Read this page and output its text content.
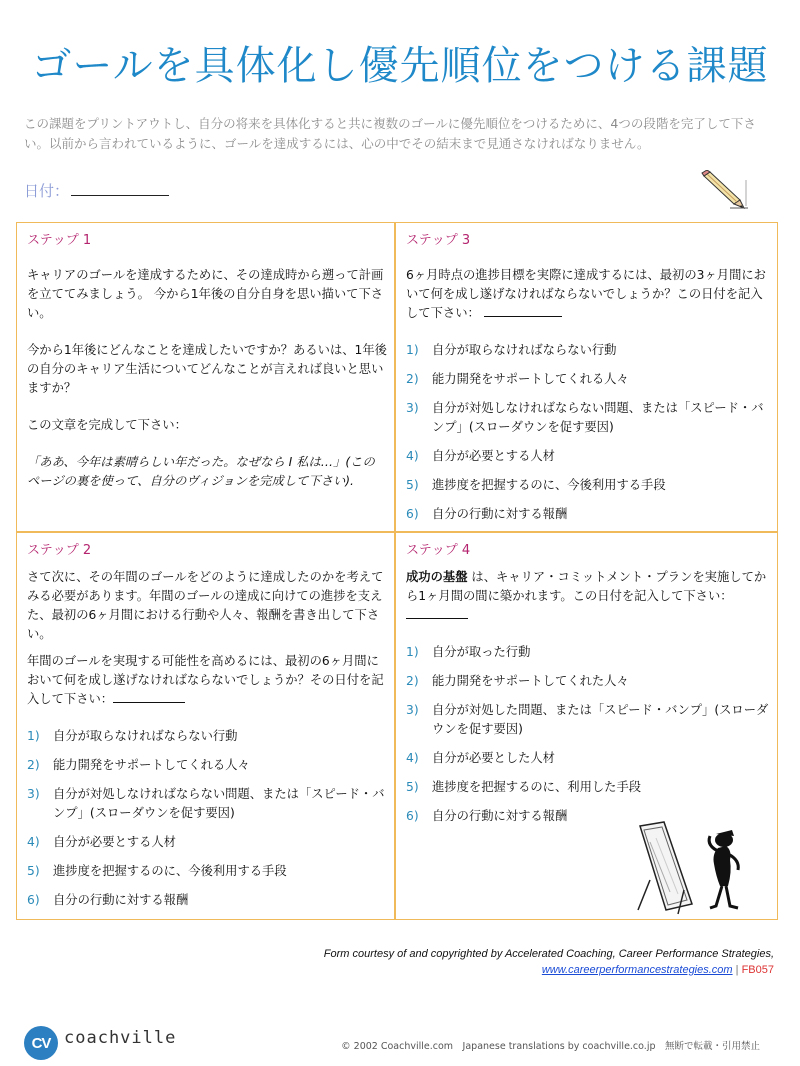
ゴールを具体化し優先順位をつける課題

この課題をプリントアウトし、自分の将来を具体化すると共に複数のゴールに優先順位をつけるために、4つの段階を完了して下さい。以前から言われているように、ゴールを達成するには、心の中でその結末まで見通さなければなりません。

日付：
ステップ 1

キャリアのゴールを達成するために、その達成時から遡って計画を立ててみましょう。 今から1年後の自分自身を思い描いて下さい。

今から1年後にどんなことを達成したいですか？あるいは、1年後の自分のキャリア生活についてどんなことが言えれば良いと思いますか？

この文章を完成して下さい：

「ああ、今年は素晴らしい年だった。なぜなら I 私は…」(このページの裏を使って、自分のヴィジョンを完成して下さい).

ステップ 3

6ヶ月時点の進捗目標を実際に達成するには、最初の3ヶ月間において何を成し遂げなければならないでしょうか？この日付を記入して下さい：

1)	自分が取らなければならない行動
2)	能力開発をサポートしてくれる人々
3)	自分が対処しなければならない問題、または「スピード・バンプ」(スローダウンを促す要因)
4)	自分が必要とする人材
5)	進捗度を把握するのに、今後利用する手段
6)	自分の行動に対する報酬
ステップ 2

さて次に、その年間のゴールをどのように達成したのかを考えてみる必要があります。年間のゴールの達成に向けての進捗を支えた、最初の6ヶ月間における行動や人々、報酬を書き出して下さい。

年間のゴールを実現する可能性を高めるには、最初の6ヶ月間において何を成し遂げなければならないでしょうか？その日付を記入して下さい：

1)	自分が取らなければならない行動
2)	能力開発をサポートしてくれる人々
3)	自分が対処しなければならない問題、または「スピード・バンプ」(スローダウンを促す要因)
4)	自分が必要とする人材
5)	進捗度を把握するのに、今後利用する手段
6)	自分の行動に対する報酬
ステップ 4

成功の基盤 は、キャリア・コミットメント・プランを実施してから1ヶ月間の間に築かれます。この日付を記入して下さい：

1)	自分が取った行動
2)	能力開発をサポートしてくれた人々
3)	自分が対処した問題、または「スピード・バンプ」(スローダウンを促す要因)
4)	自分が必要とした人材
5)	進捗度を把握するのに、利用した手段
6)	自分の行動に対する報酬
Form courtesy of and copyrighted by Accelerated Coaching, Career Performance Strategies,
www.careerperformancestrategies.com | FB057
CV coachville	© 2002 Coachville.com　Japanese translations by coachville.co.jp　無断で転載・引用禁止
